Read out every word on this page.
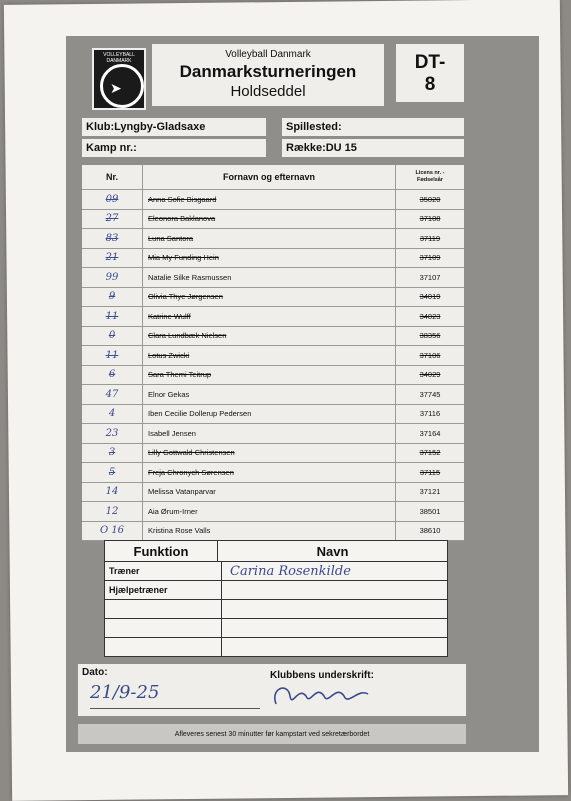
VOLLEYBALL DANMARK
➤
Volleyball Danmark
Danmarksturneringen
Holdseddel
DT-
8
Klub:Lyngby-Gladsaxe	Spillested:
Kamp nr.:	Række:DU 15
Nr.	Fornavn og efternavn	Licens nr. -
Fødselsår
09	Anna Sofie Bisgaard	35020
27	Eleonora Baklanova	37108
83	Luna Santora	37119
21	Mia My Funding Hein	37109
99	Natalie Silke Rasmussen	37107
9	Olivia Thye Jørgensen	34019
11	Katrine Wulff	34023
0	Clara Lundbæk Nielsen	38356
11	Lotus Zwicki	37106
6	Sara Themi Teitrup	34029
47	Elnor Gekas	37745
4	Iben Cecilie Dollerup Pedersen	37116
23	Isabell Jensen	37164
3	Lilly Gottwald Christensen	37152
5	Freja Chronych Sørensen	37115
14	Melissa Vatanparvar	37121
12	Aia Ørum-Irner	38501
O 16	Kristina Rose Valls	38610
Funktion	Navn
Træner	Carina Rosenkilde
Hjælpetræner
Dato:
21/9-25
Klubbens underskrift:
Afleveres senest 30 minutter før kampstart ved sekretærbordet
